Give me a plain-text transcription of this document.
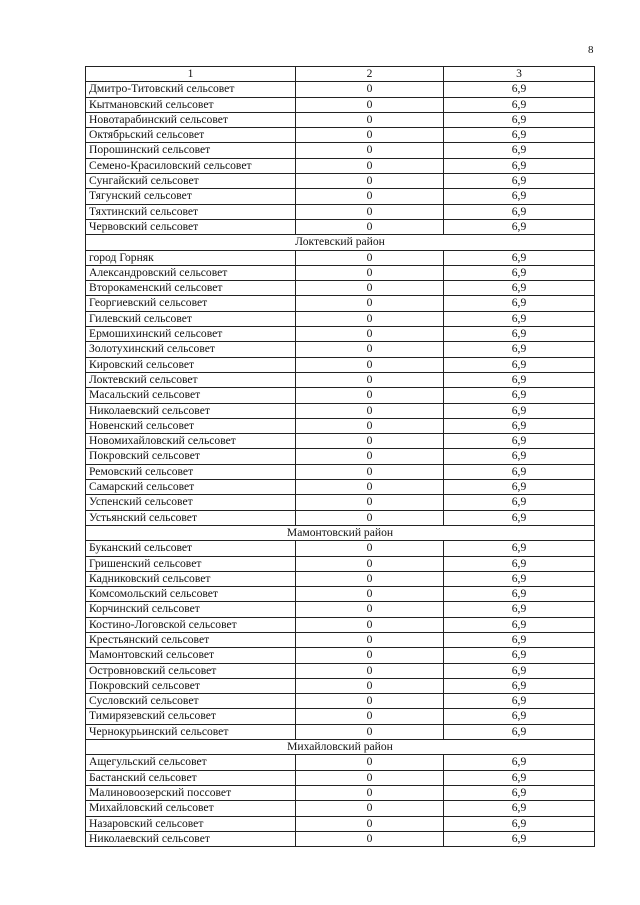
8
1	2	3
Дмитро-Титовский сельсовет	0	6,9
Кытмановский сельсовет	0	6,9
Новотарабинский сельсовет	0	6,9
Октябрьский сельсовет	0	6,9
Порошинский сельсовет	0	6,9
Семено-Красиловский сельсовет	0	6,9
Сунгайский сельсовет	0	6,9
Тягунский сельсовет	0	6,9
Тяхтинский сельсовет	0	6,9
Червовский сельсовет	0	6,9
Локтевский район		
город Горняк	0	6,9
Александровский сельсовет	0	6,9
Второкаменский сельсовет	0	6,9
Георгиевский сельсовет	0	6,9
Гилевский сельсовет	0	6,9
Ермошихинский сельсовет	0	6,9
Золотухинский сельсовет	0	6,9
Кировский сельсовет	0	6,9
Локтевский сельсовет	0	6,9
Масальский сельсовет	0	6,9
Николаевский сельсовет	0	6,9
Новенский сельсовет	0	6,9
Новомихайловский сельсовет	0	6,9
Покровский сельсовет	0	6,9
Ремовский сельсовет	0	6,9
Самарский сельсовет	0	6,9
Успенский сельсовет	0	6,9
Устьянский сельсовет	0	6,9
Мамонтовский район		
Буканский сельсовет	0	6,9
Гришенский сельсовет	0	6,9
Кадниковский сельсовет	0	6,9
Комсомольский сельсовет	0	6,9
Корчинский сельсовет	0	6,9
Костино-Логовской сельсовет	0	6,9
Крестьянский сельсовет	0	6,9
Мамонтовский сельсовет	0	6,9
Островновский сельсовет	0	6,9
Покровский сельсовет	0	6,9
Сусловский сельсовет	0	6,9
Тимирязевский сельсовет	0	6,9
Чернокурьинский сельсовет	0	6,9
Михайловский район		
Ащегульский сельсовет	0	6,9
Бастанский сельсовет	0	6,9
Малиновоозерский поссовет	0	6,9
Михайловский сельсовет	0	6,9
Назаровский сельсовет	0	6,9
Николаевский сельсовет	0	6,9
